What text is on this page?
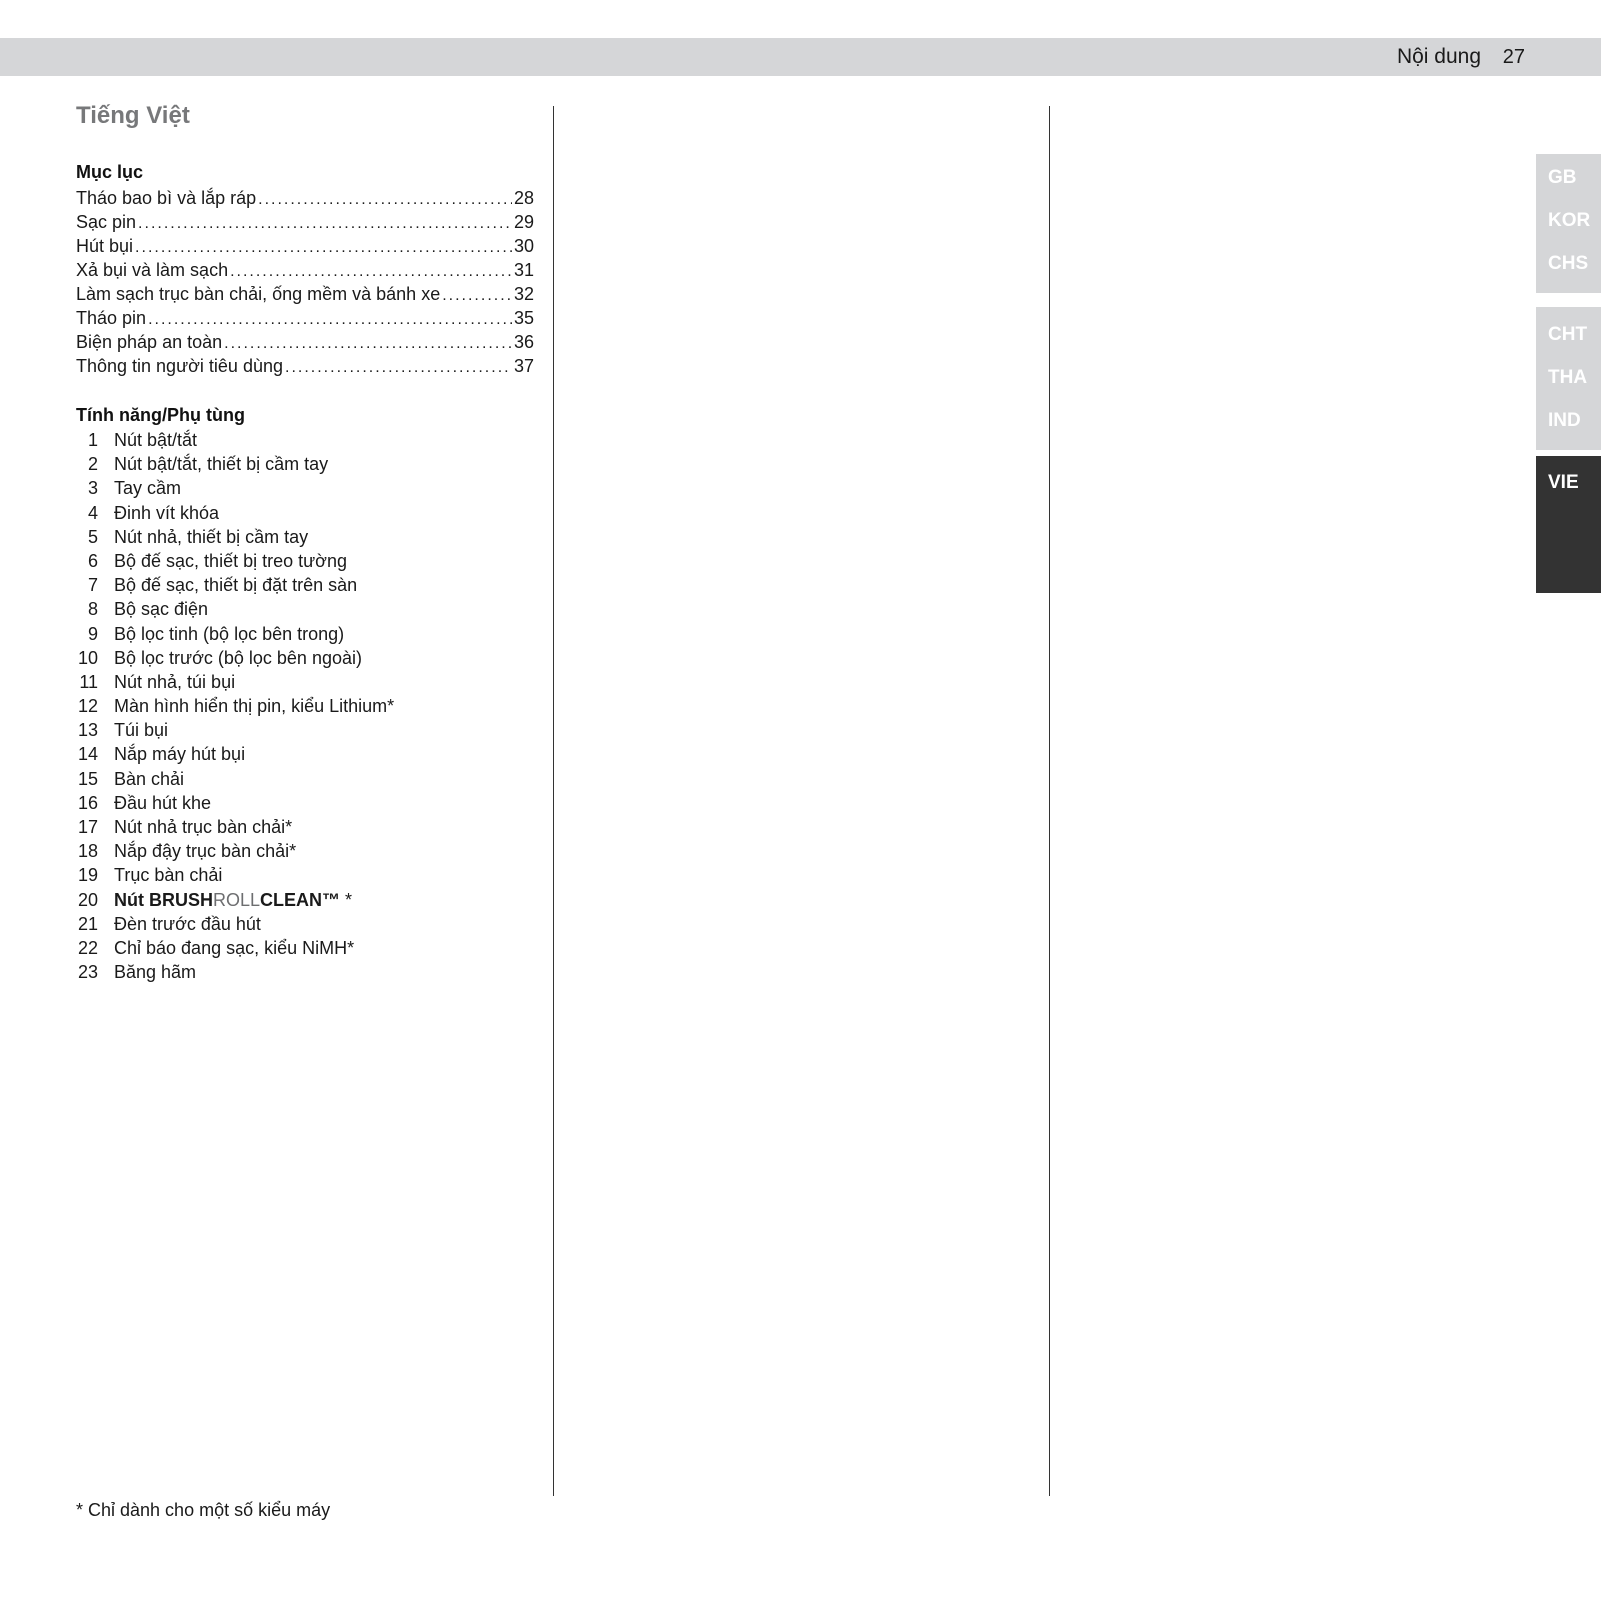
Nội dung 27
Tiếng Việt
Mục lục
Tháo bao bì và lắp ráp .....	28
Sạc pin .....	29
Hút bụi .....	30
Xả bụi và làm sạch .....	31
Làm sạch trục bàn chải, ống mềm và bánh xe .....	32
Tháo pin .....	35
Biện pháp an toàn .....	36
Thông tin người tiêu dùng .....	37
Tính năng/Phụ tùng
1 Nút bật/tắt
2 Nút bật/tắt, thiết bị cầm tay
3 Tay cầm
4 Đinh vít khóa
5 Nút nhả, thiết bị cầm tay
6 Bộ đế sạc, thiết bị treo tường
7 Bộ đế sạc, thiết bị đặt trên sàn
8 Bộ sạc điện
9 Bộ lọc tinh (bộ lọc bên trong)
10 Bộ lọc trước (bộ lọc bên ngoài)
11 Nút nhả, túi bụi
12 Màn hình hiển thị pin, kiểu Lithium*
13 Túi bụi
14 Nắp máy hút bụi
15 Bàn chải
16 Đầu hút khe
17 Nút nhả trục bàn chải*
18 Nắp đậy trục bàn chải*
19 Trục bàn chải
20 Nút BRUSHROLLCLEAN™ *
21 Đèn trước đầu hút
22 Chỉ báo đang sạc, kiểu NiMH*
23 Băng hãm
* Chỉ dành cho một số kiểu máy
GB
KOR
CHS
CHT
THA
IND
VIE
